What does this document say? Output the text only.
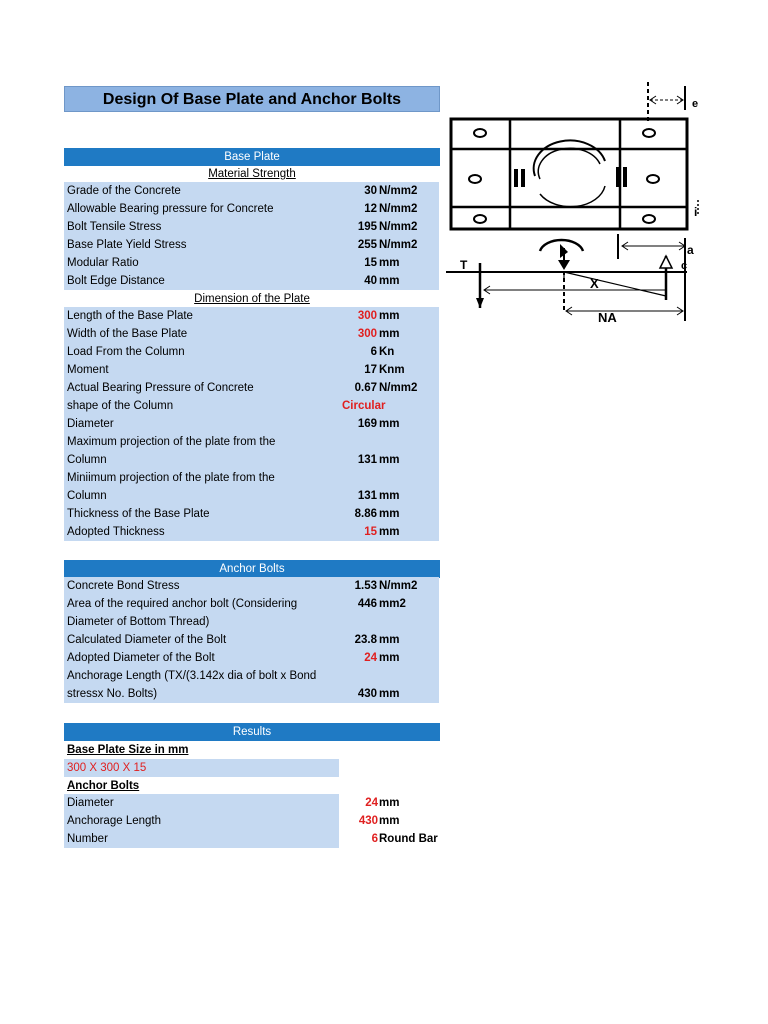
Design Of Base Plate and Anchor Bolts
Base Plate
Material Strength
Grade of the Concrete	30 N/mm2
Allowable Bearing pressure for Concrete	12 N/mm2
Bolt Tensile Stress	195 N/mm2
Base Plate Yield Stress	255 N/mm2
Modular Ratio	15 mm
Bolt Edge Distance	40 mm
Dimension of the Plate
Length of the Base Plate	300 mm
Width of the Base Plate	300 mm
Load From the Column	6 Kn
Moment	17 Knm
Actual Bearing Pressure of Concrete	0.67 N/mm2
shape of the Column	Circular
Diameter	169 mm
Maximum projection of the plate from the
Column	131 mm
Miniimum projection of the plate from the
Column	131 mm
Thickness of the Base Plate	8.86 mm
Adopted Thickness	15 mm
Anchor Bolts
Concrete Bond Stress	1.53 N/mm2
Area of the required anchor bolt (Considering
Diameter of Bottom Thread)
446 mm2
Calculated Diameter of the Bolt	23.8 mm
Adopted Diameter of the Bolt	24 mm
Anchorage Length (TX/(3.142x dia of bolt x Bond
stressx No. Bolts)	430 mm
Results
Base Plate Size in mm
300 X 300 X 15
Anchor Bolts
Diameter	24 mm
Anchorage Length	430 mm
Number	6 Round Bar
e
i
a
c
T
X
NA
